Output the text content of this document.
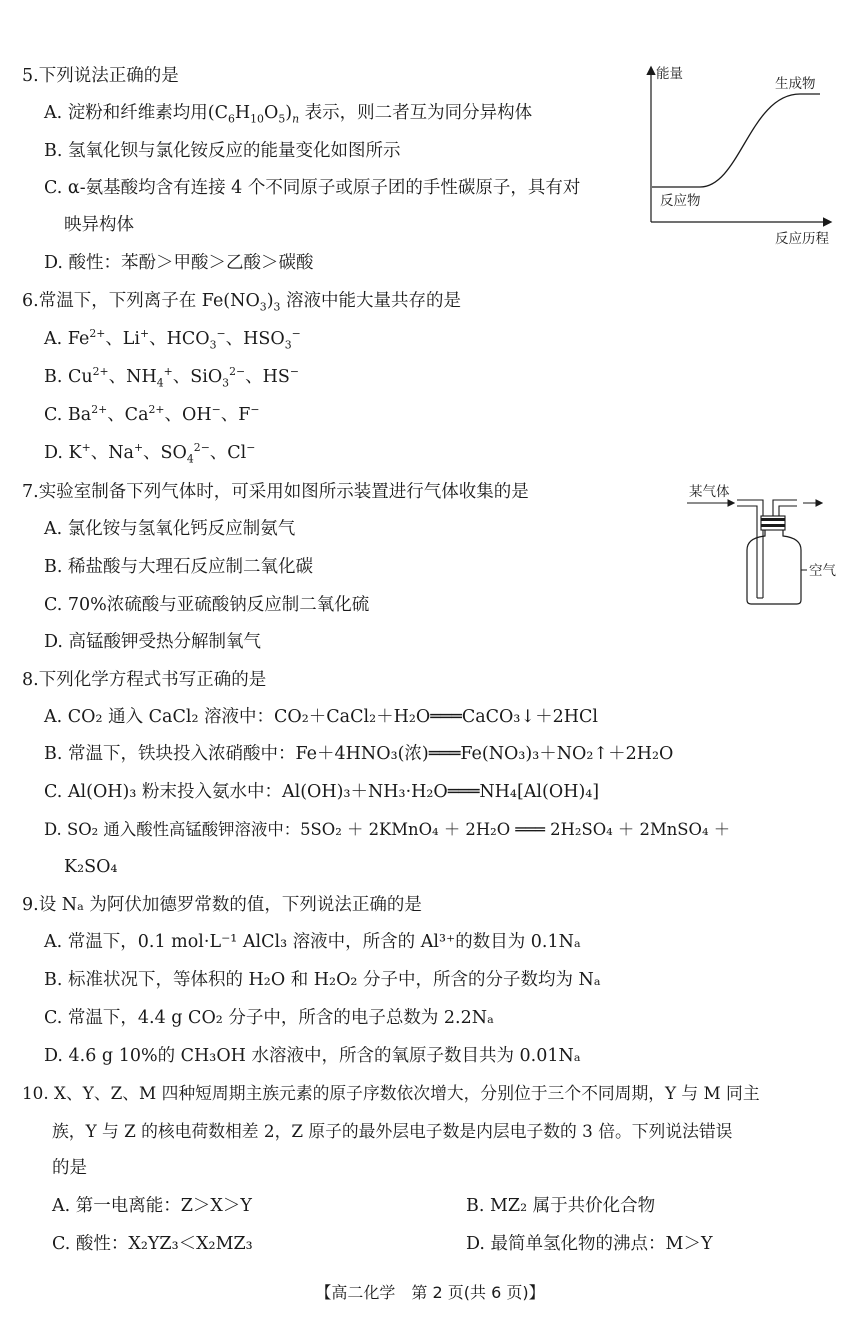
5.下列说法正确的是
A. 淀粉和纤维素均用$(C_6H_{10}O_5)_n$ 表示，则二者互为同分异构体
B. 氢氧化钡与氯化铵反应的能量变化如图所示
C. α-氨基酸均含有连接 4 个不同原子或原子团的手性碳原子，具有对
映异构体
D. 酸性：苯酚＞甲酸＞乙酸＞碳酸
能量
反应历程
反应物
生成物
6.常温下，下列离子在 $Fe(NO_3)_3$ 溶液中能大量共存的是
A. $Fe^{2+}$、Li+、$HCO_3^-$、$HSO_3^-$
B. $Cu^{2+}$、$NH_4^+$、SiO$_3^{2-}$、HS−
C. $Ba^{2+}$、$Ca^{2+}$、OH−、F−
D. K+、Na+、$SO_4^{2-}$、Cl−
7.实验室制备下列气体时，可采用如图所示装置进行气体收集的是
A. 氯化铵与氢氧化钙反应制氨气
B. 稀盐酸与大理石反应制二氧化碳
C. 70%浓硫酸与亚硫酸钠反应制二氧化硫
D. 高锰酸钾受热分解制氧气
某气体
空气
8.下列化学方程式书写正确的是
A. CO₂ 通入 CaCl₂ 溶液中：CO₂＋CaCl₂＋H₂O═══CaCO₃↓＋2HCl
B. 常温下，铁块投入浓硝酸中：Fe＋4HNO₃(浓)═══Fe(NO₃)₃＋NO₂↑＋2H₂O
C. Al(OH)₃ 粉末投入氨水中：Al(OH)₃＋NH₃·H₂O═══NH₄[Al(OH)₄]
D. SO₂ 通入酸性高锰酸钾溶液中：5SO₂ ＋ 2KMnO₄ ＋ 2H₂O ═══ 2H₂SO₄ ＋ 2MnSO₄ ＋
K₂SO₄
9.设 Nₐ 为阿伏加德罗常数的值，下列说法正确的是
A. 常温下，0.1 mol·L⁻¹ AlCl₃ 溶液中，所含的 Al³⁺的数目为 0.1Nₐ
B. 标准状况下，等体积的 H₂O 和 H₂O₂ 分子中，所含的分子数均为 Nₐ
C. 常温下，4.4 g CO₂ 分子中，所含的电子总数为 2.2Nₐ
D. 4.6 g 10%的 CH₃OH 水溶液中，所含的氧原子数目共为 0.01Nₐ
10. X、Y、Z、M 四种短周期主族元素的原子序数依次增大，分别位于三个不同周期，Y 与 M 同主
族，Y 与 Z 的核电荷数相差 2，Z 原子的最外层电子数是内层电子数的 3 倍。下列说法错误
的是
A. 第一电离能：Z＞X＞Y	B. MZ₂ 属于共价化合物
C. 酸性：X₂YZ₃＜X₂MZ₃	D. 最简单氢化物的沸点：M＞Y
【高二化学　第 2 页(共 6 页)】
